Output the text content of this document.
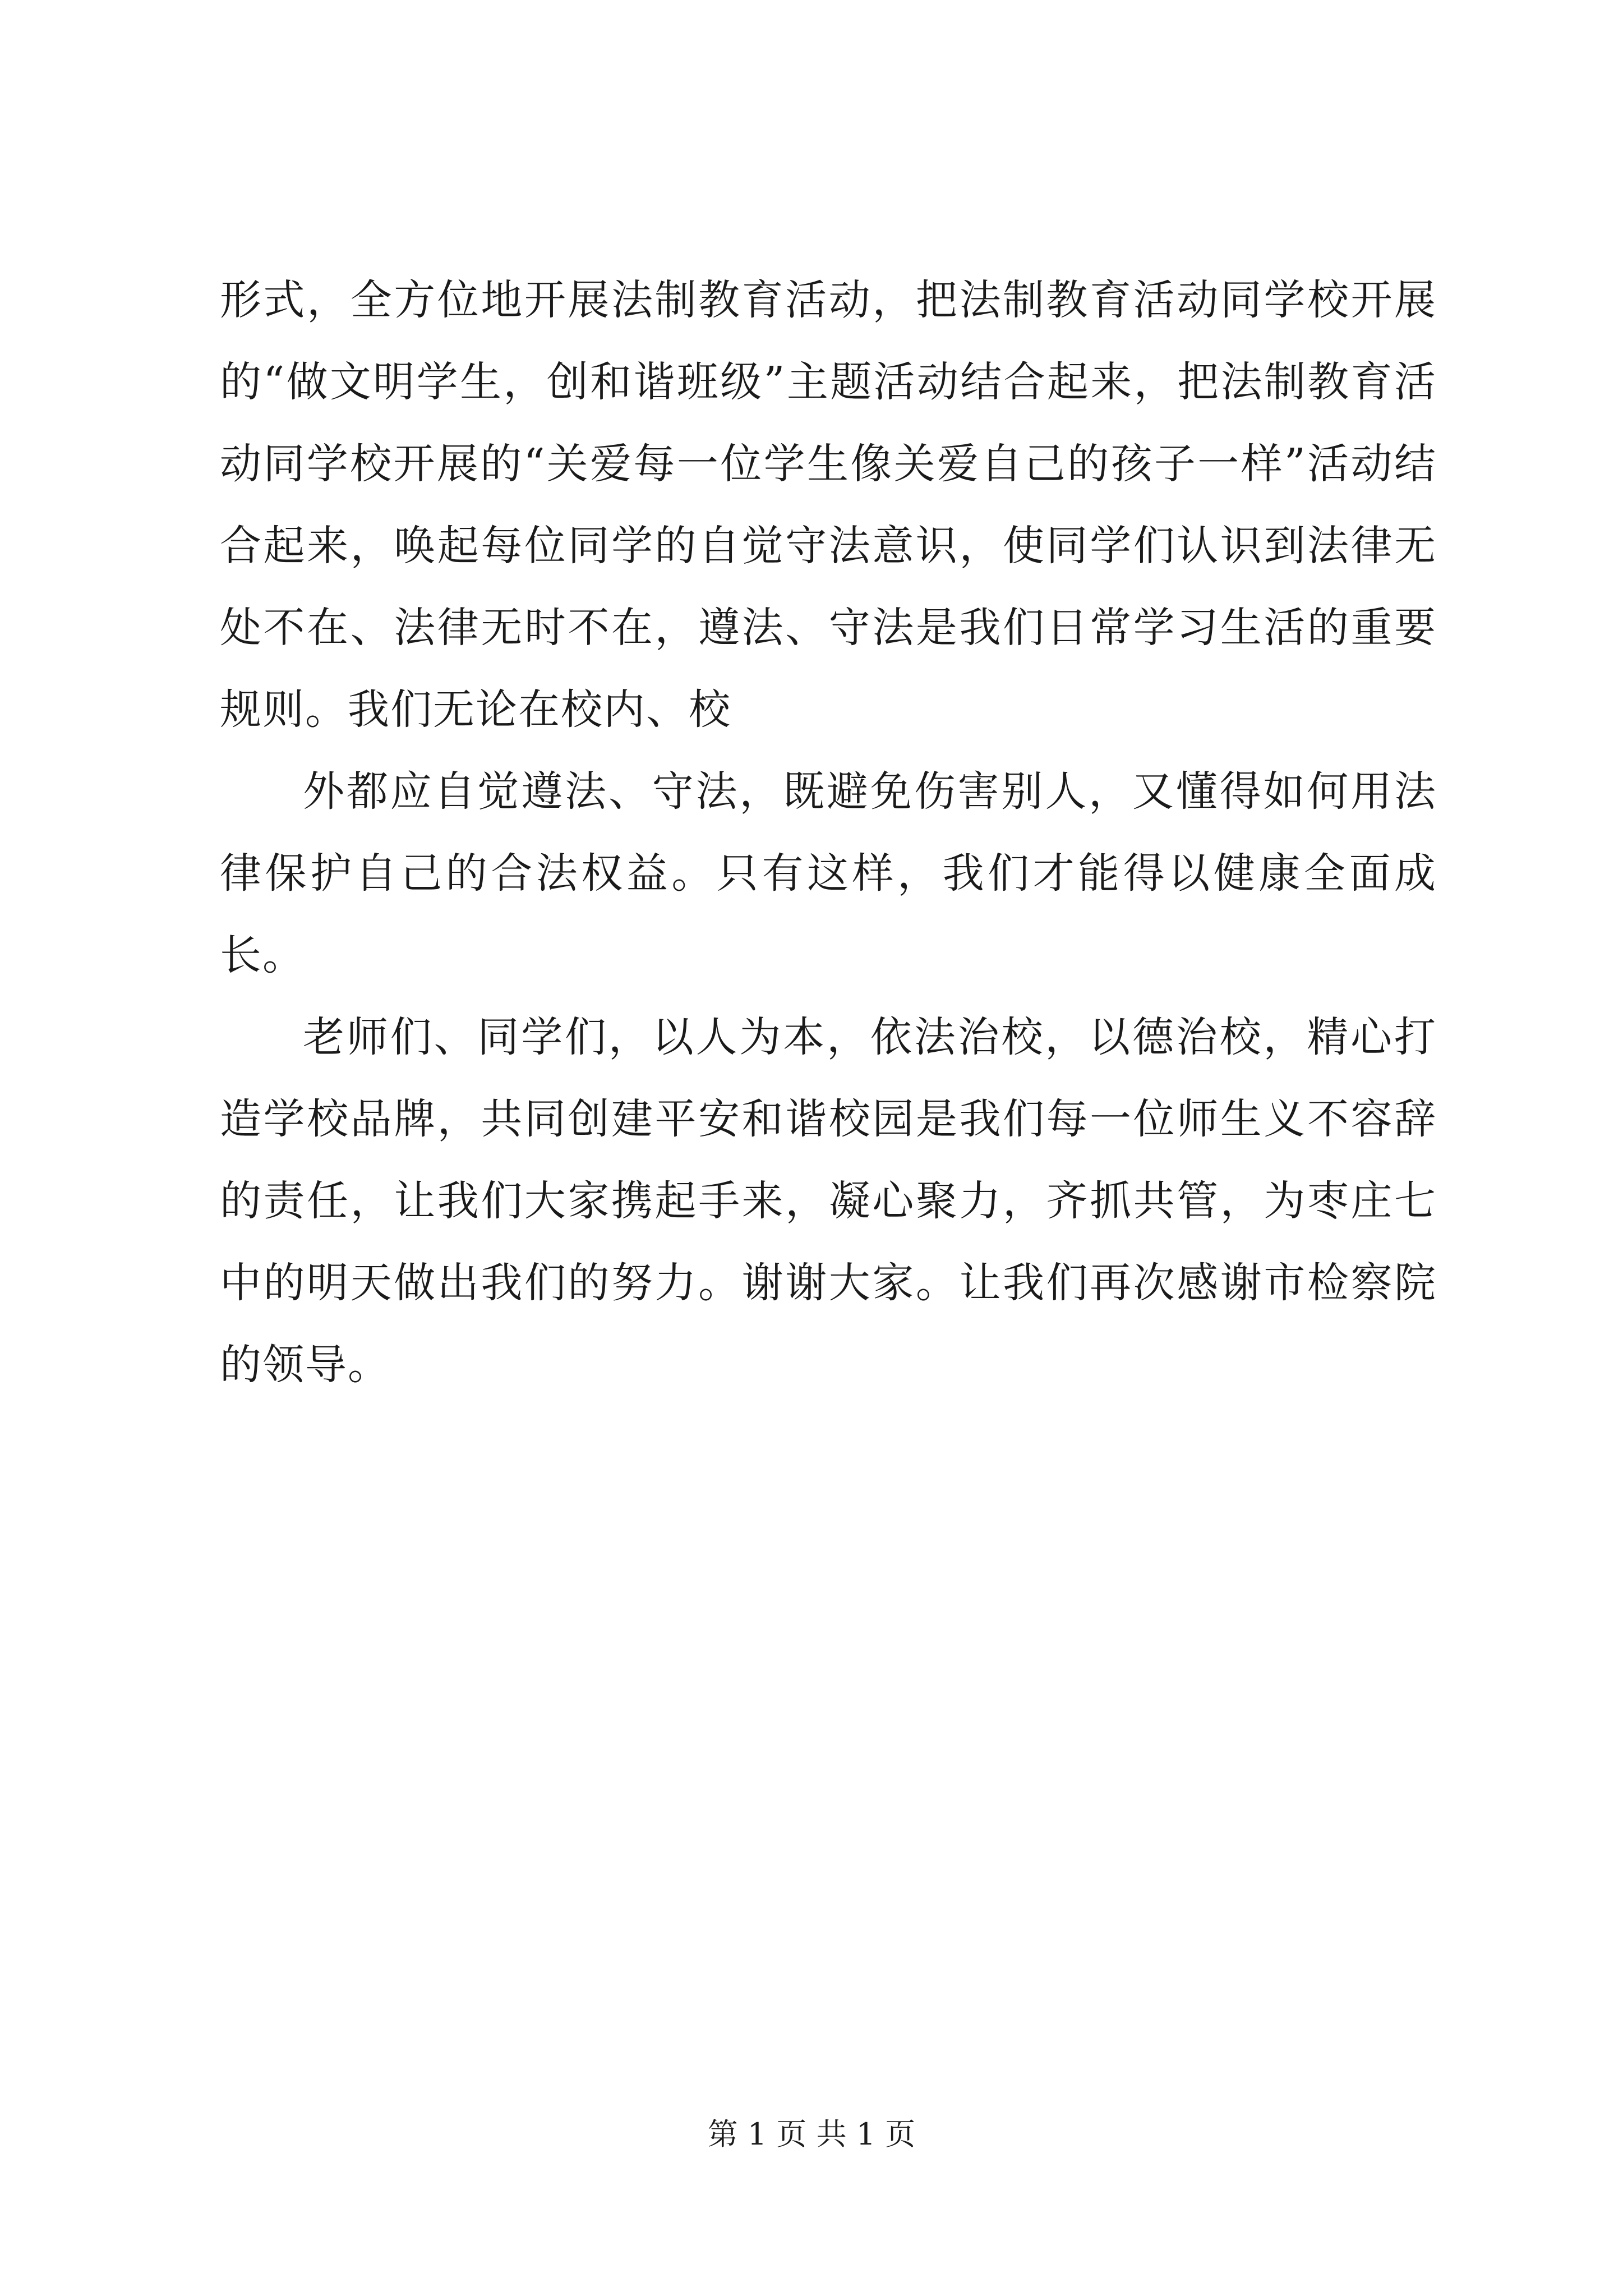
形式，全方位地开展法制教育活动，把法制教育活动同学校开展的“做文明学生，创和谐班级”主题活动结合起来，把法制教育活动同学校开展的“关爱每一位学生像关爱自己的孩子一样”活动结合起来，唤起每位同学的自觉守法意识，使同学们认识到法律无处不在、法律无时不在，遵法、守法是我们日常学习生活的重要规则。我们无论在校内、校

外都应自觉遵法、守法，既避免伤害别人，又懂得如何用法律保护自己的合法权益。只有这样，我们才能得以健康全面成长。

老师们、同学们，以人为本，依法治校，以德治校，精心打造学校品牌，共同创建平安和谐校园是我们每一位师生义不容辞的责任，让我们大家携起手来，凝心聚力，齐抓共管，为枣庄七中的明天做出我们的努力。谢谢大家。让我们再次感谢市检察院的领导。

第 1 页 共 1 页
